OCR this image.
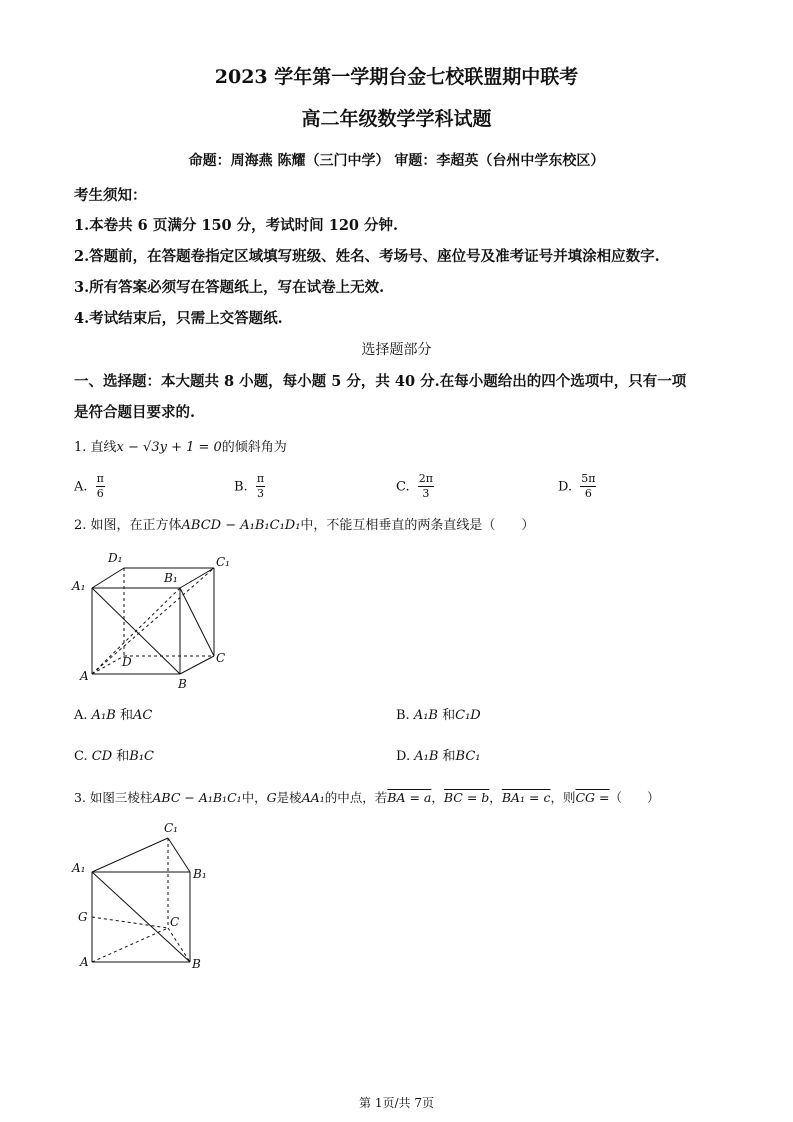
2023 学年第一学期台金七校联盟期中联考
高二年级数学学科试题
命题：周海燕 陈耀（三门中学） 审题：李超英（台州中学东校区）
考生须知：
1.本卷共 6 页满分 150 分，考试时间 120 分钟.
2.答题前，在答题卷指定区域填写班级、姓名、考场号、座位号及准考证号并填涂相应数字.
3.所有答案必须写在答题纸上，写在试卷上无效.
4.考试结束后，只需上交答题纸.
选择题部分
一、选择题：本大题共 8 小题，每小题 5 分，共 40 分.在每小题给出的四个选项中，只有一项
是符合题目要求的.
1. 直线x − √3y + 1 = 0的倾斜角为
A. $\frac{\pi}{6}$	B. $\frac{\pi}{3}$	C. $\frac{2\pi}{3}$	D. $\frac{5\pi}{6}$
2. 如图，在正方体ABCD − A₁B₁C₁D₁中，不能互相垂直的两条直线是（　　）
D₁	C₁
A₁
B₁
D	C
A
B
A. A₁B 和AC	B. A₁B 和C₁D
C. CD 和B₁C	D. A₁B 和BC₁
3. 如图三棱柱ABC − A₁B₁C₁中，G是棱AA₁的中点，若BA = a，BC = b，BA₁ = c，则CG =（　　）
C₁
A₁	B₁
G	C
A	B
第 1页/共 7页
